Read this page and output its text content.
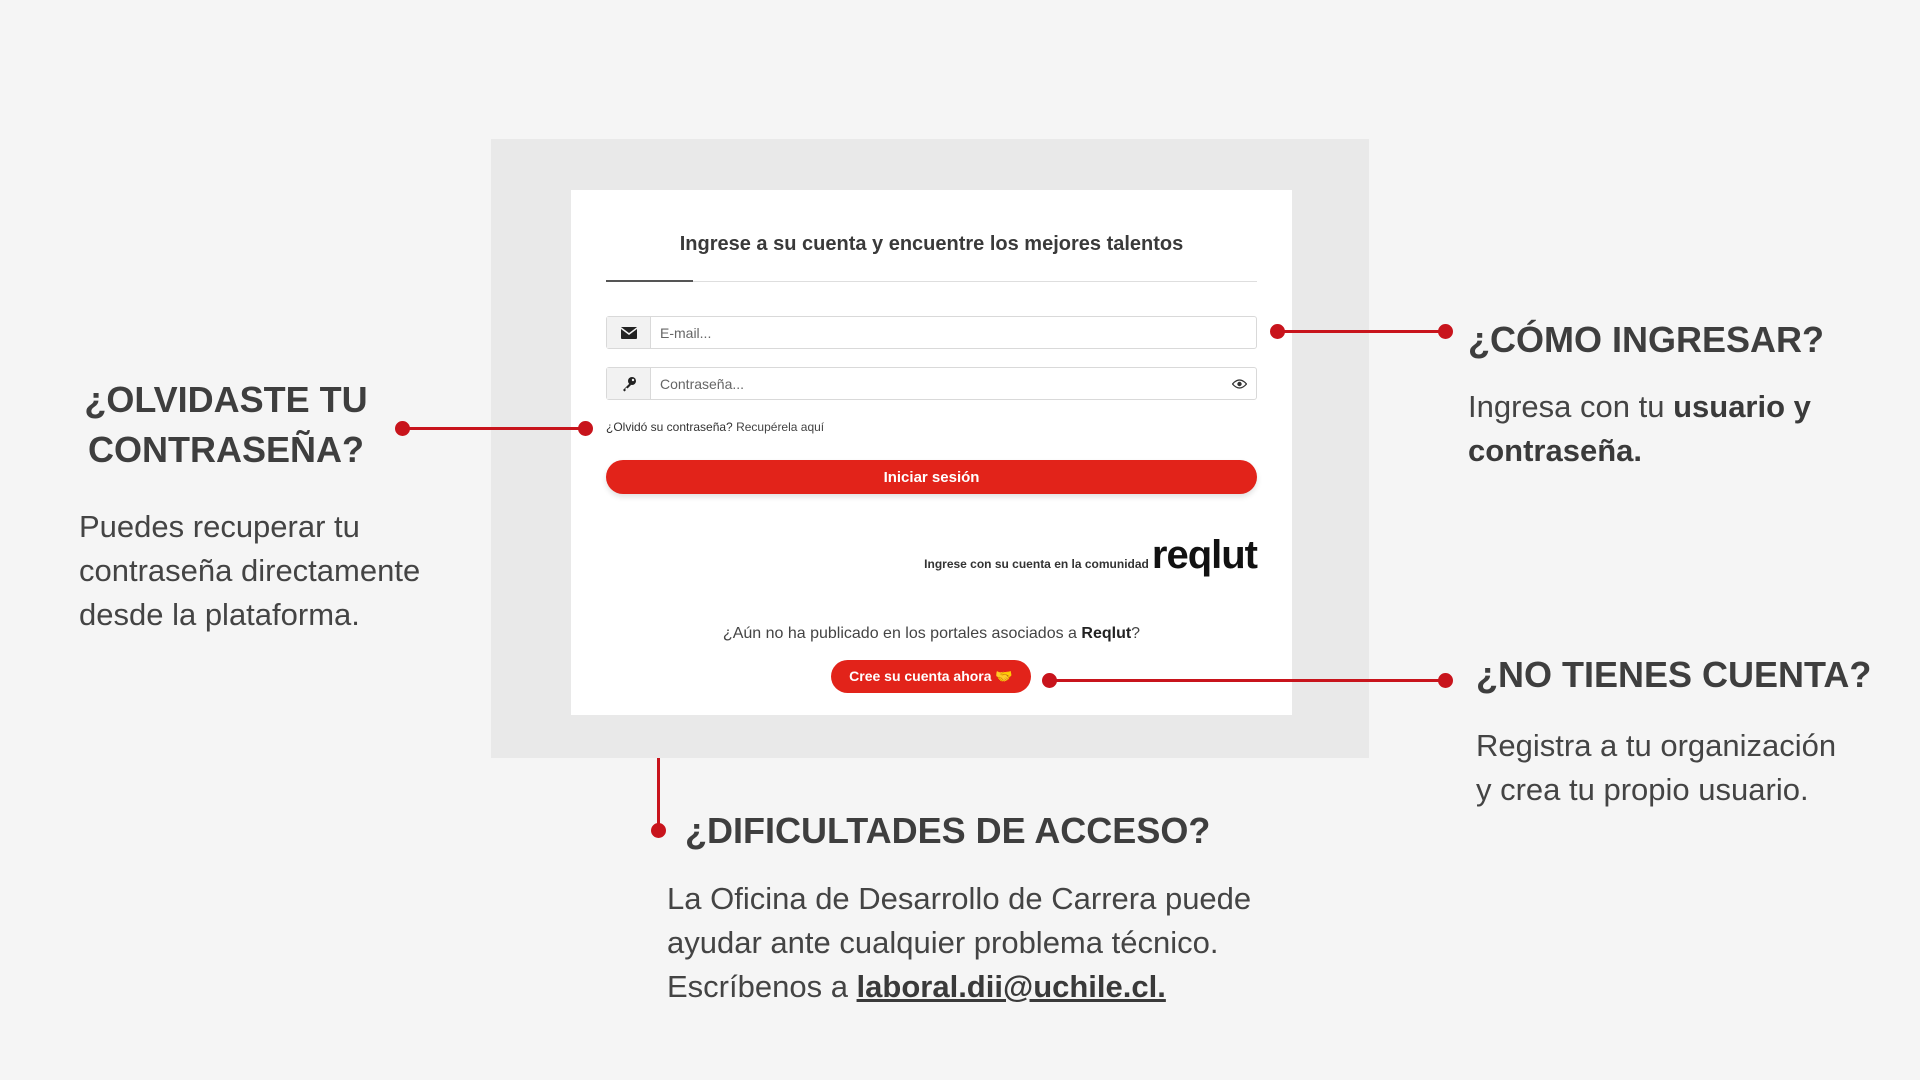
Ingrese a su cuenta y encuentre los mejores talentos
E-mail...
¿Olvidó su contraseña? Recupérela aquí
Iniciar sesión
Ingrese con su cuenta en la comunidad reqlut
¿Aún no ha publicado en los portales asociados a Reqlut?
Cree su cuenta ahora 🤝
¿OLVIDASTE TU
CONTRASEÑA?
Puedes recuperar tu
contraseña directamente
desde la plataforma.
¿CÓMO INGRESAR?
Ingresa con tu usuario y
contraseña.
¿NO TIENES CUENTA?
Registra a tu organización
y crea tu propio usuario.
¿DIFICULTADES DE ACCESO?
La Oficina de Desarrollo de Carrera puede
ayudar ante cualquier problema técnico.
Escríbenos a laboral.dii@uchile.cl.
